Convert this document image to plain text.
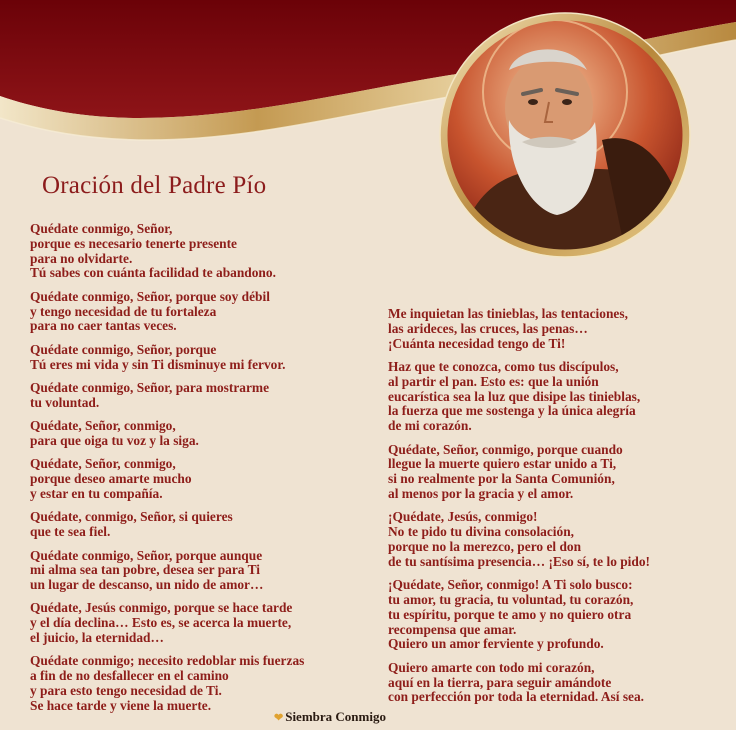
Oración del Padre Pío

Quédate conmigo, Señor,
porque es necesario tenerte presente
para no olvidarte.
Tú sabes con cuánta facilidad te abandono.

Quédate conmigo, Señor, porque soy débil
y tengo necesidad de tu fortaleza
para no caer tantas veces.

Quédate conmigo, Señor, porque
Tú eres mi vida y sin Ti disminuye mi fervor.

Quédate conmigo, Señor, para mostrarme
tu voluntad.

Quédate, Señor, conmigo,
para que oiga tu voz y la siga.

Quédate, Señor, conmigo,
porque deseo amarte mucho
y estar en tu compañía.

Quédate, conmigo, Señor, si quieres
que te sea fiel.

Quédate conmigo, Señor, porque aunque
mi alma sea tan pobre, desea ser para Ti
un lugar de descanso, un nido de amor…

Quédate, Jesús conmigo, porque se hace tarde
y el día declina… Esto es, se acerca la muerte,
el juicio, la eternidad…

Quédate conmigo; necesito redoblar mis fuerzas
a fin de no desfallecer en el camino
y para esto tengo necesidad de Ti.
Se hace tarde y viene la muerte.

Me inquietan las tinieblas, las tentaciones,
las arideces, las cruces, las penas…
¡Cuánta necesidad tengo de Ti!

Haz que te conozca, como tus discípulos,
al partir el pan. Esto es: que la unión
eucarística sea la luz que disipe las tinieblas,
la fuerza que me sostenga y la única alegría
de mi corazón.

Quédate, Señor, conmigo, porque cuando
llegue la muerte quiero estar unido a Ti,
si no realmente por la Santa Comunión,
al menos por la gracia y el amor.

¡Quédate, Jesús, conmigo!
No te pido tu divina consolación,
porque no la merezco, pero el don
de tu santísima presencia… ¡Eso sí, te lo pido!

¡Quédate, Señor, conmigo! A Ti solo busco:
tu amor, tu gracia, tu voluntad, tu corazón,
tu espíritu, porque te amo y no quiero otra
recompensa que amar.
Quiero un amor ferviente y profundo.

Quiero amarte con todo mi corazón,
aquí en la tierra, para seguir amándote
con perfección por toda la eternidad. Así sea.

❤ Siembra Conmigo
